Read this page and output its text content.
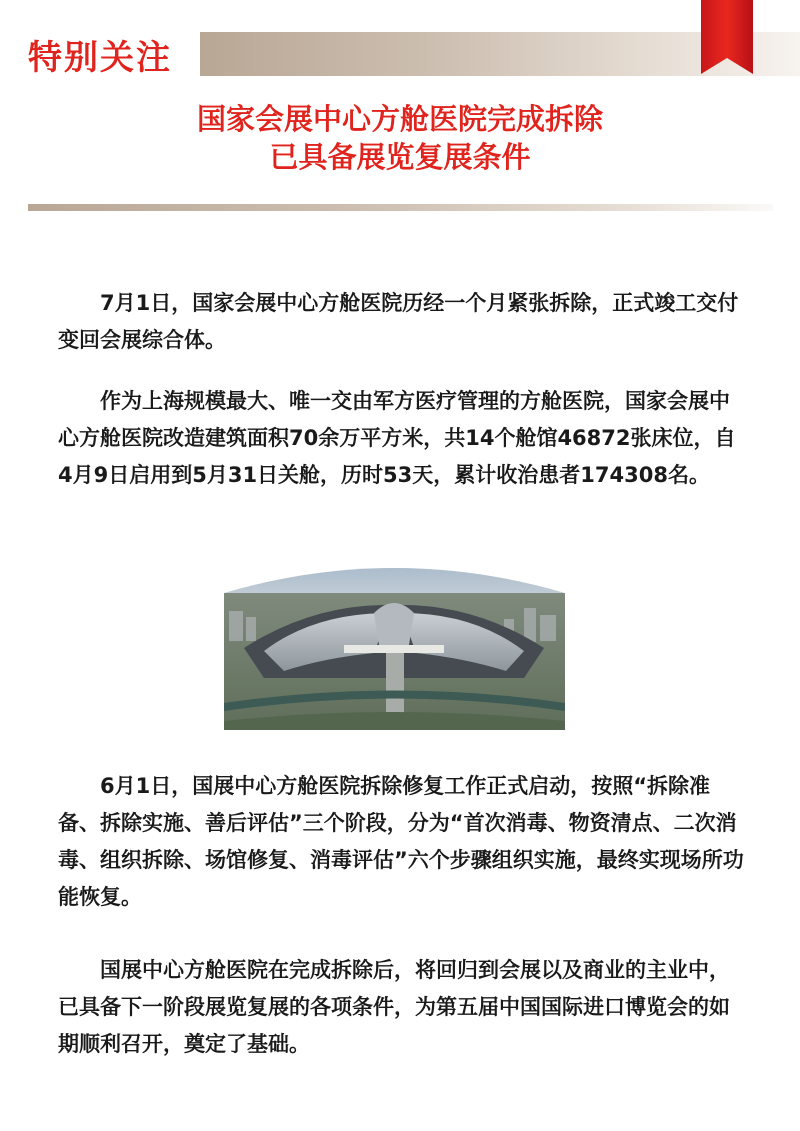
特别关注
国家会展中心方舱医院完成拆除
已具备展览复展条件

7月1日，国家会展中心方舱医院历经一个月紧张拆除，正式竣工交付变回会展综合体。

作为上海规模最大、唯一交由军方医疗管理的方舱医院，国家会展中心方舱医院改造建筑面积70余万平方米，共14个舱馆46872张床位，自4月9日启用到5月31日关舱，历时53天，累计收治患者174308名。

6月1日，国展中心方舱医院拆除修复工作正式启动，按照“拆除准备、拆除实施、善后评估”三个阶段，分为“首次消毒、物资清点、二次消毒、组织拆除、场馆修复、消毒评估”六个步骤组织实施，最终实现场所功能恢复。

国展中心方舱医院在完成拆除后，将回归到会展以及商业的主业中，已具备下一阶段展览复展的各项条件，为第五届中国国际进口博览会的如期顺利召开，奠定了基础。
